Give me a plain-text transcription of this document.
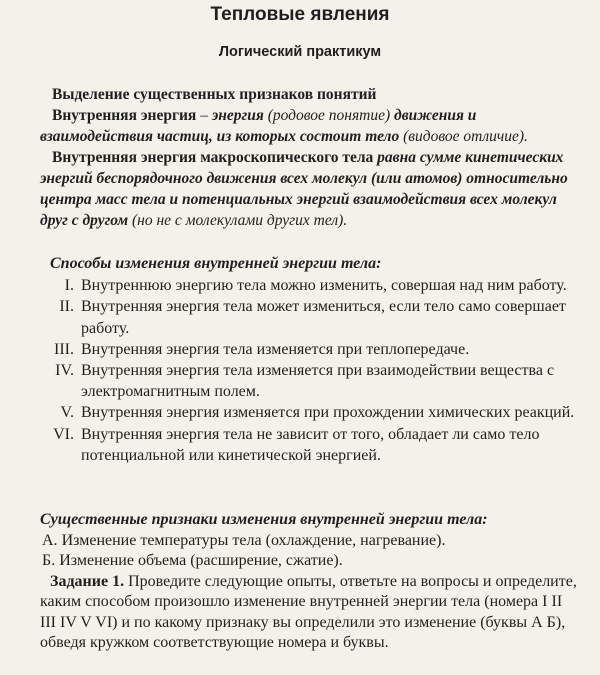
Тепловые явления
Логический практикум

Выделение существенных признаков понятий

Внутренняя энергия – энергия (родовое понятие) движения и взаимодействия частиц, из которых состоит тело (видовое отличие).

Внутренняя энергия макроскопического тела равна сумме кинетических энергий беспорядочного движения всех молекул (или атомов) относительно центра масс тела и потенциальных энергий взаимодействия всех молекул друг с другом (но не с молекулами других тел).

Способы изменения внутренней энергии тела:

I. Внутреннюю энергию тела можно изменить, совершая над ним работу.
II. Внутренняя энергия тела может измениться, если тело само совершает работу.
III. Внутренняя энергия тела изменяется при теплопередаче.
IV. Внутренняя энергия тела изменяется при взаимодействии вещества с электромагнитным полем.
V. Внутренняя энергия изменяется при прохождении химических реакций.
VI. Внутренняя энергия тела не зависит от того, обладает ли само тело потенциальной или кинетической энергией.

Существенные признаки изменения внутренней энергии тела:

А. Изменение температуры тела (охлаждение, нагревание).

Б. Изменение объема (расширение, сжатие).

Задание 1. Проведите следующие опыты, ответьте на вопросы и определите, каким способом произошло изменение внутренней энергии тела (номера I II III IV V VI) и по какому признаку вы определили это изменение (буквы А Б), обведя кружком соответствующие номера и буквы.
